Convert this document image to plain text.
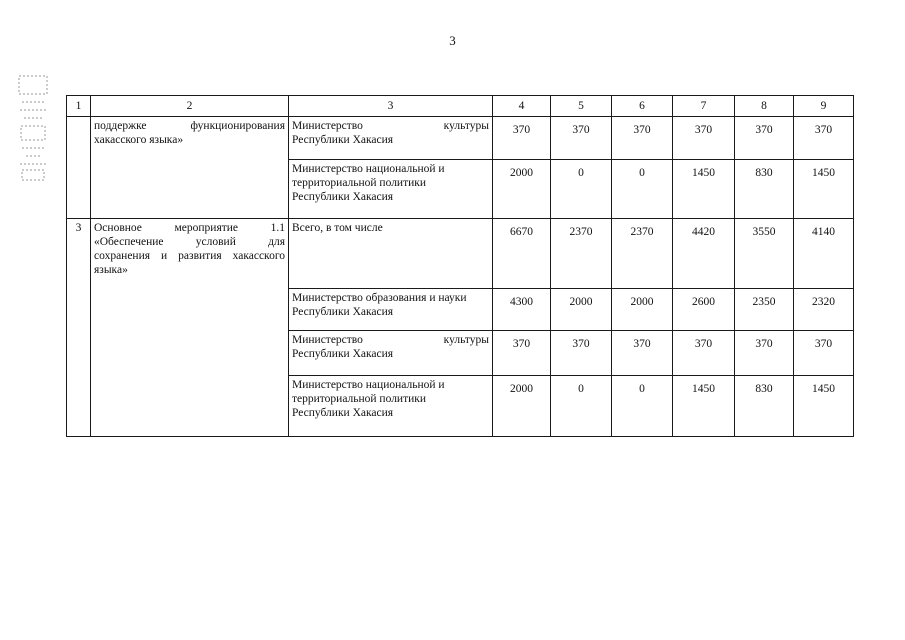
3
1	2	3	4	5	6	7	8	9
	поддержке функционирования хакасского языка»	Министерство культуры
Республики Хакасия	370	370	370	370	370	370

		Министерство национальной и
территориальной политики
Республики Хакасия	2000	0	0	1450	830	1450
3	Основное мероприятие 1.1 «Обеспечение условий для сохранения и развития хакасского языка»	Всего, в том числе	6670	2370	2370	4420	3550	4140

		Министерство образования и науки
Республики Хакасия	4300	2000	2000	2600	2350	2320

		Министерство культуры
Республики Хакасия	370	370	370	370	370	370

		Министерство национальной и
территориальной политики
Республики Хакасия	2000	0	0	1450	830	1450
